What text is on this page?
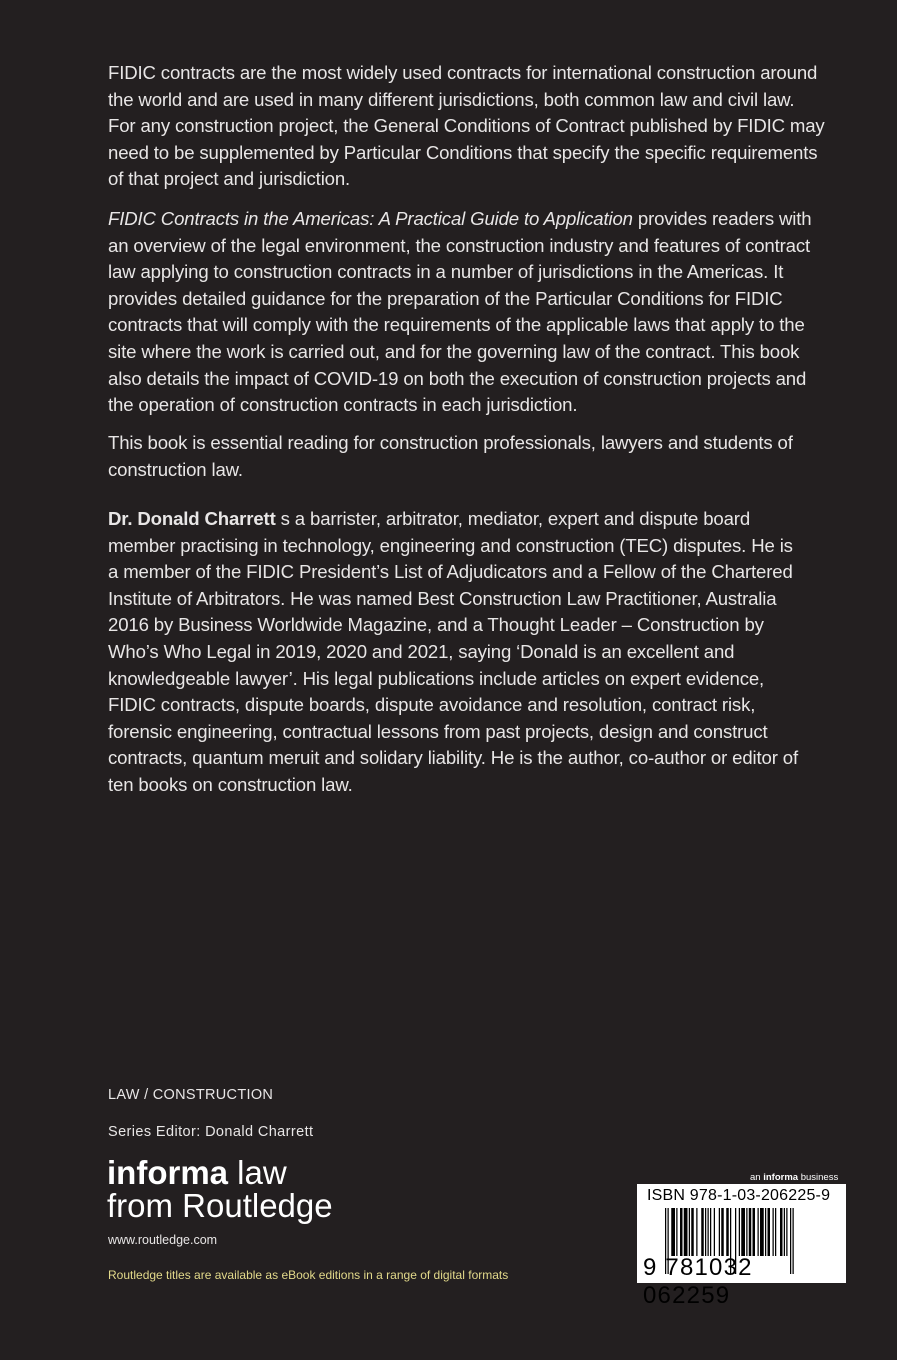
FIDIC contracts are the most widely used contracts for international construction around
the world and are used in many different jurisdictions, both common law and civil law.
For any construction project, the General Conditions of Contract published by FIDIC may
need to be supplemented by Particular Conditions that specify the specific requirements
of that project and jurisdiction.
FIDIC Contracts in the Americas: A Practical Guide to Application provides readers with
an overview of the legal environment, the construction industry and features of contract
law applying to construction contracts in a number of jurisdictions in the Americas. It
provides detailed guidance for the preparation of the Particular Conditions for FIDIC
contracts that will comply with the requirements of the applicable laws that apply to the
site where the work is carried out, and for the governing law of the contract. This book
also details the impact of COVID-19 on both the execution of construction projects and
the operation of construction contracts in each jurisdiction.
This book is essential reading for construction professionals, lawyers and students of
construction law.
Dr. Donald Charrett s a barrister, arbitrator, mediator, expert and dispute board
member practising in technology, engineering and construction (TEC) disputes. He is
a member of the FIDIC President’s List of Adjudicators and a Fellow of the Chartered
Institute of Arbitrators. He was named Best Construction Law Practitioner, Australia
2016 by Business Worldwide Magazine, and a Thought Leader – Construction by
Who’s Who Legal in 2019, 2020 and 2021, saying ‘Donald is an excellent and
knowledgeable lawyer’. His legal publications include articles on expert evidence,
FIDIC contracts, dispute boards, dispute avoidance and resolution, contract risk,
forensic engineering, contractual lessons from past projects, design and construct
contracts, quantum meruit and solidary liability. He is the author, co-author or editor of
ten books on construction law.
LAW / CONSTRUCTION
Series Editor: Donald Charrett
informa law
from Routledge
www.routledge.com
Routledge titles are available as eBook editions in a range of digital formats
an informa business
ISBN 978-1-03-206225-9
9 781032 062259
